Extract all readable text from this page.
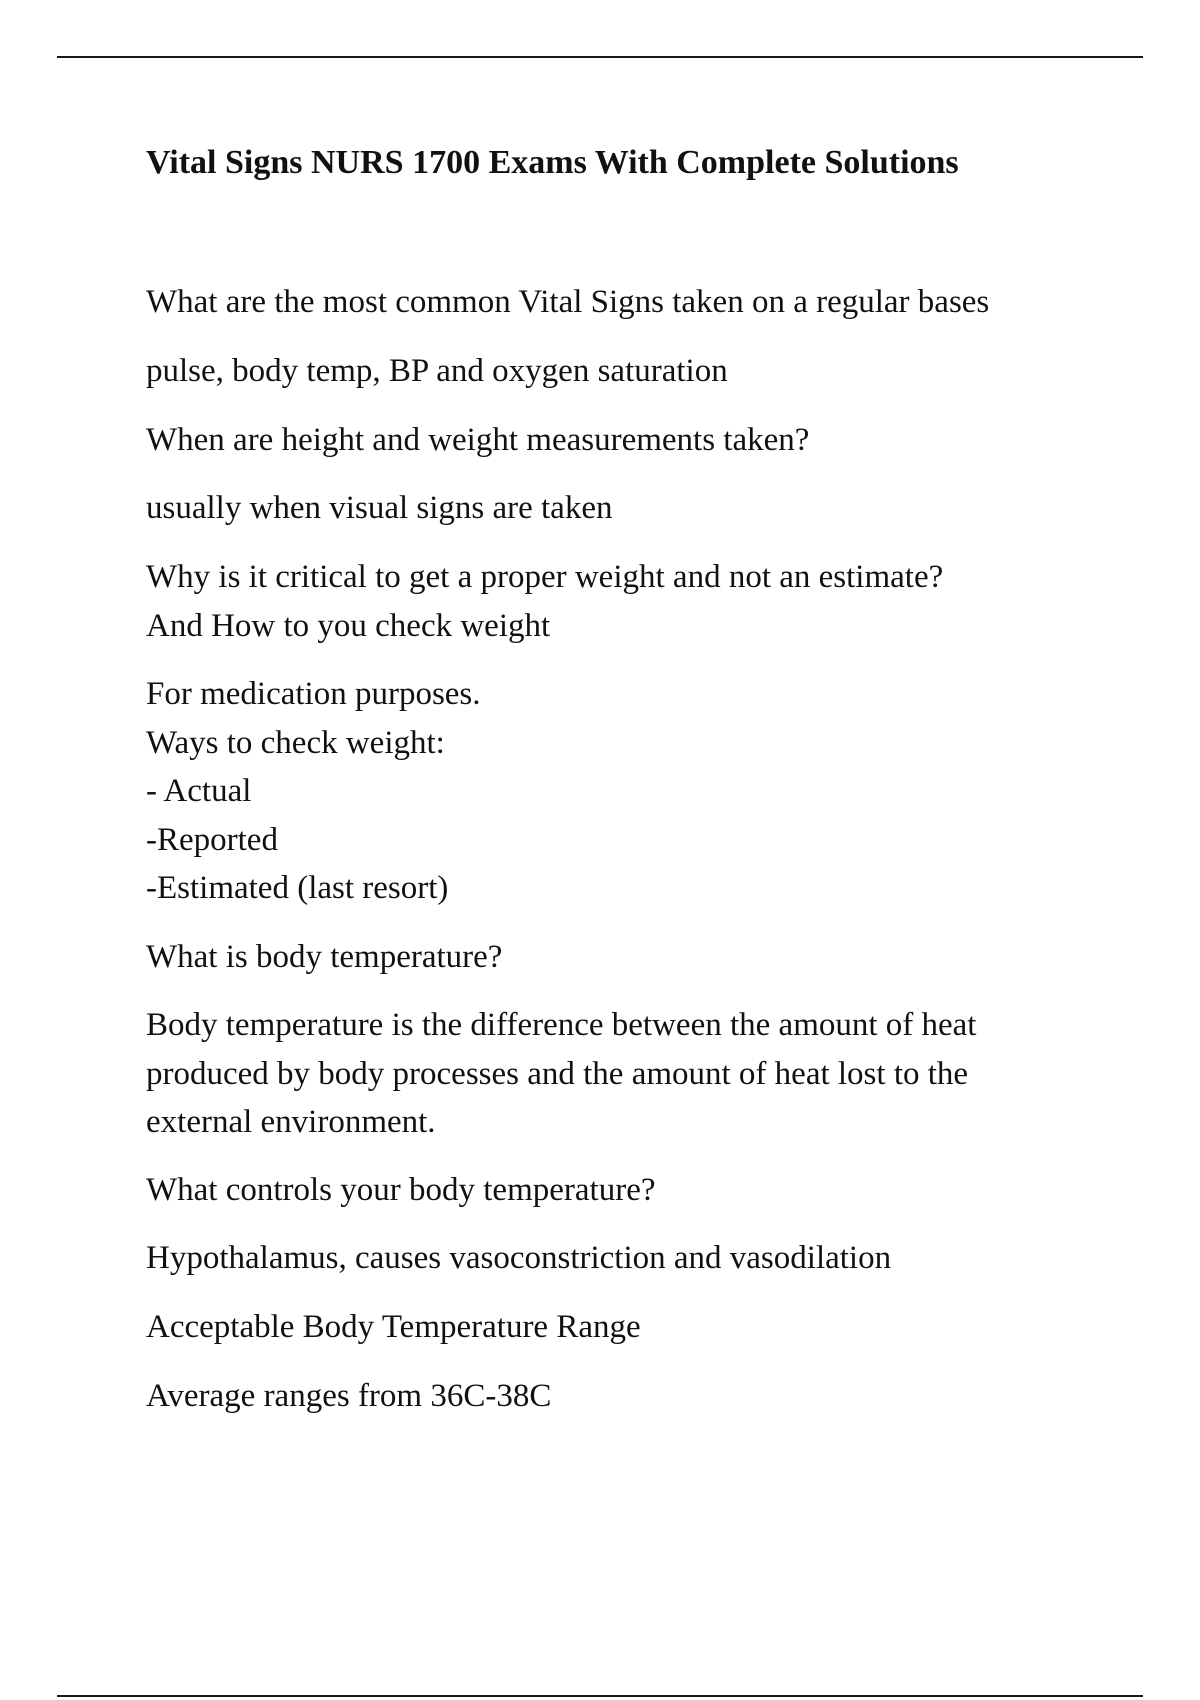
Vital Signs NURS 1700 Exams With Complete Solutions

What are the most common Vital Signs taken on a regular bases

pulse, body temp, BP and oxygen saturation

When are height and weight measurements taken?

usually when visual signs are taken

Why is it critical to get a proper weight and not an estimate?
And How to you check weight

For medication purposes.
Ways to check weight:
- Actual
-Reported
-Estimated (last resort)

What is body temperature?

Body temperature is the difference between the amount of heat
produced by body processes and the amount of heat lost to the
external environment.

What controls your body temperature?

Hypothalamus, causes vasoconstriction and vasodilation

Acceptable Body Temperature Range

Average ranges from 36C-38C
